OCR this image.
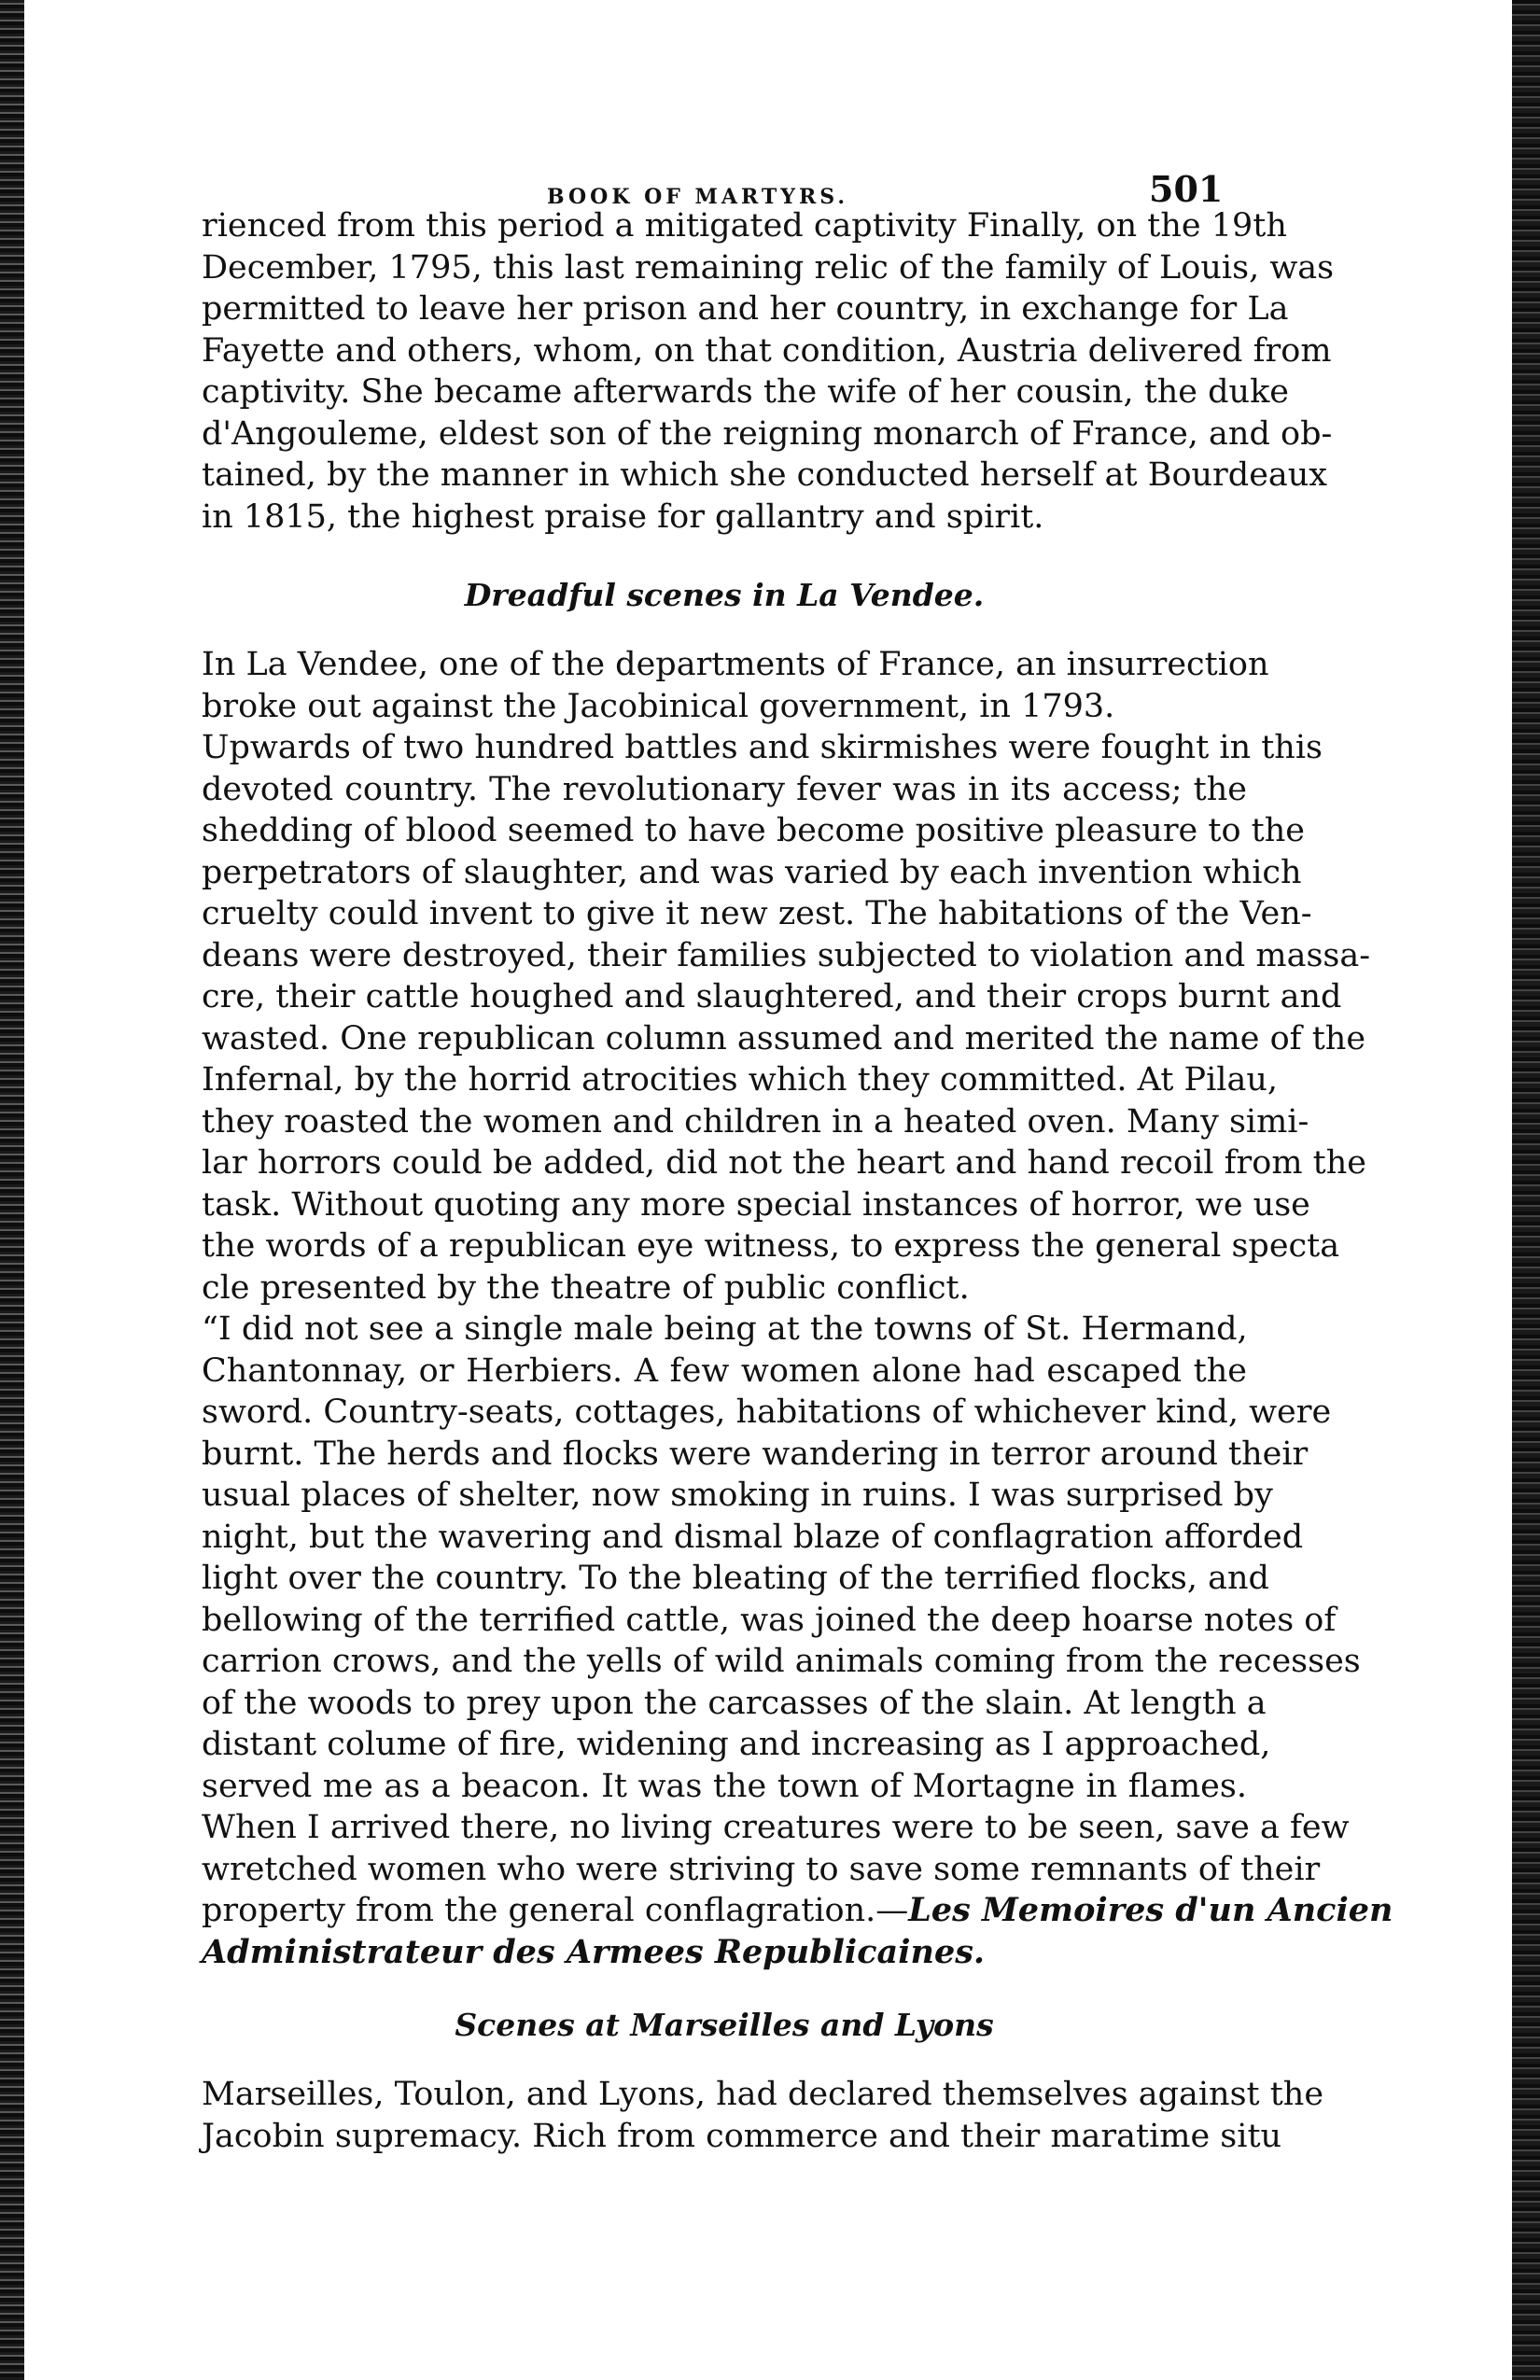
BOOK OF MARTYRS.	501
rienced from this period a mitigated captivity Finally, on the 19th
December, 1795, this last remaining relic of the family of Louis, was
permitted to leave her prison and her country, in exchange for La
Fayette and others, whom, on that condition, Austria delivered from
captivity. She became afterwards the wife of her cousin, the duke
d'Angouleme, eldest son of the reigning monarch of France, and ob-
tained, by the manner in which she conducted herself at Bourdeaux
in 1815, the highest praise for gallantry and spirit.
Dreadful scenes in La Vendee.
In La Vendee, one of the departments of France, an insurrection
broke out against the Jacobinical government, in 1793.
Upwards of two hundred battles and skirmishes were fought in this
devoted country. The revolutionary fever was in its access; the
shedding of blood seemed to have become positive pleasure to the
perpetrators of slaughter, and was varied by each invention which
cruelty could invent to give it new zest. The habitations of the Ven-
deans were destroyed, their families subjected to violation and massa-
cre, their cattle houghed and slaughtered, and their crops burnt and
wasted. One republican column assumed and merited the name of the
Infernal, by the horrid atrocities which they committed. At Pilau,
they roasted the women and children in a heated oven. Many simi-
lar horrors could be added, did not the heart and hand recoil from the
task. Without quoting any more special instances of horror, we use
the words of a republican eye witness, to express the general specta
cle presented by the theatre of public conflict.
“I did not see a single male being at the towns of St. Hermand,
Chantonnay, or Herbiers. A few women alone had escaped the
sword. Country-seats, cottages, habitations of whichever kind, were
burnt. The herds and flocks were wandering in terror around their
usual places of shelter, now smoking in ruins. I was surprised by
night, but the wavering and dismal blaze of conflagration afforded
light over the country. To the bleating of the terrified flocks, and
bellowing of the terrified cattle, was joined the deep hoarse notes of
carrion crows, and the yells of wild animals coming from the recesses
of the woods to prey upon the carcasses of the slain. At length a
distant colume of fire, widening and increasing as I approached,
served me as a beacon. It was the town of Mortagne in flames.
When I arrived there, no living creatures were to be seen, save a few
wretched women who were striving to save some remnants of their
property from the general conflagration.—Les Memoires d'un Ancien
Administrateur des Armees Republicaines.
Scenes at Marseilles and Lyons
Marseilles, Toulon, and Lyons, had declared themselves against the
Jacobin supremacy. Rich from commerce and their maratime situ
